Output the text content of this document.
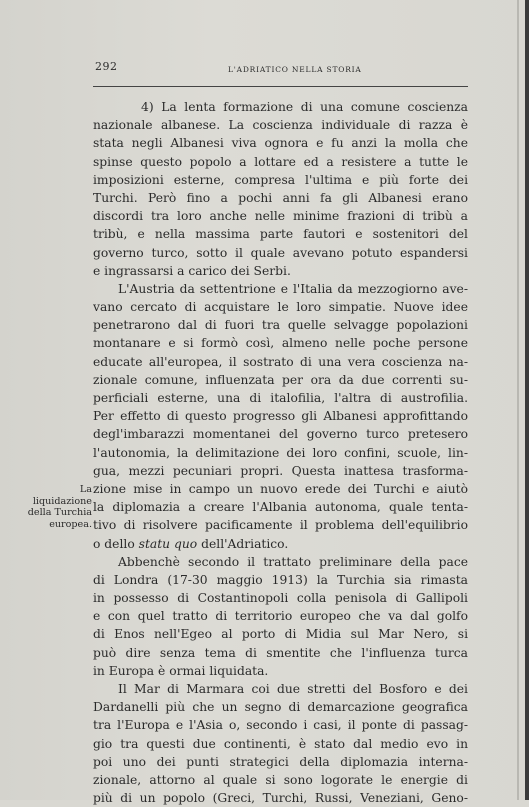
292	L'ADRIATICO NELLA STORIA
La liquidazione della Turchia europea.
4) La lenta formazione di una comune coscienza
nazionale albanese. La coscienza individuale di razza è
stata negli Albanesi viva ognora e fu anzi la molla che
spinse questo popolo a lottare ed a resistere a tutte le
imposizioni esterne, compresa l'ultima e più forte dei
Turchi. Però fino a pochi anni fa gli Albanesi erano
discordi tra loro anche nelle minime frazioni di tribù a
tribù, e nella massima parte fautori e sostenitori del
governo turco, sotto il quale avevano potuto espandersi
e ingrassarsi a carico dei Serbi.
L'Austria da settentrione e l'Italia da mezzogiorno ave-
vano cercato di acquistare le loro simpatie. Nuove idee
penetrarono dal di fuori tra quelle selvagge popolazioni
montanare e si formò così, almeno nelle poche persone
educate all'europea, il sostrato di una vera coscienza na-
zionale comune, influenzata per ora da due correnti su-
perficiali esterne, una di italofilia, l'altra di austrofilia.
Per effetto di questo progresso gli Albanesi approfittando
degl'imbarazzi momentanei del governo turco pretesero
l'autonomia, la delimitazione dei loro confini, scuole, lin-
gua, mezzi pecuniari propri. Questa inattesa trasforma-
zione mise in campo un nuovo erede dei Turchi e aiutò
la diplomazia a creare l'Albania autonoma, quale tenta-
tivo di risolvere pacificamente il problema dell'equilibrio
o dello statu quo dell'Adriatico.
Abbenchè secondo il trattato preliminare della pace
di Londra (17-30 maggio 1913) la Turchia sia rimasta
in possesso di Costantinopoli colla penisola di Gallipoli
e con quel tratto di territorio europeo che va dal golfo
di Enos nell'Egeo al porto di Midia sul Mar Nero, si
può dire senza tema di smentite che l'influenza turca
in Europa è ormai liquidata.
Il Mar di Marmara coi due stretti del Bosforo e dei
Dardanelli più che un segno di demarcazione geografica
tra l'Europa e l'Asia o, secondo i casi, il ponte di passag-
gio tra questi due continenti, è stato dal medio evo in
poi uno dei punti strategici della diplomazia interna-
zionale, attorno al quale si sono logorate le energie di
più di un popolo (Greci, Turchi, Russi, Veneziani, Geno-
